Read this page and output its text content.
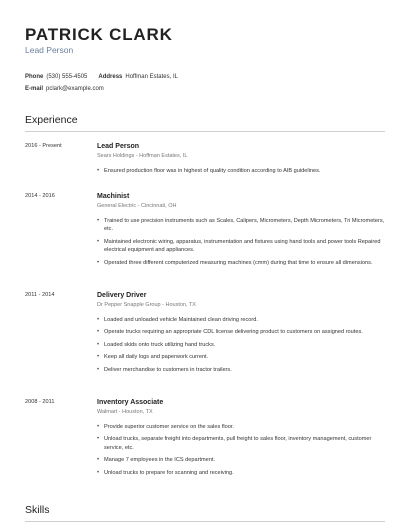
PATRICK CLARK
Lead Person
Phone (530) 555-4505 Address Hoffman Estates, IL
E-mail pclark@example.com
Experience
2016 - Present	Lead Person
Sears Holdings - Hoffman Estates, IL
• Ensured production floor was in highest of quality condition according to AIB guidelines.
2014 - 2016	Machinist
General Electric - Cincinnati, OH
• Trained to use precision instruments such as Scales, Calipers, Micrometers, Depth Micrometers, Tri Micrometers, etc.
• Maintained electronic wiring, apparatus, instrumentation and fixtures using hand tools and power tools Repaired electrical equipment and appliances.
• Operated three different computerized measuring machines (cmm) during that time to ensure all dimensions.
2011 - 2014	Delivery Driver
Dr Pepper Snapple Group - Houston, TX
• Loaded and unloaded vehicle Maintained clean driving record.
• Operate trucks requiring an appropriate CDL license delivering product to customers on assigned routes.
• Loaded skids onto truck utilizing hand trucks.
• Keep all daily logs and paperwork current.
• Deliver merchandise to customers in tractor trailers.
2008 - 2011	Inventory Associate
Walmart - Houston, TX
• Provide superior customer service on the sales floor.
• Unload trucks, separate freight into departments, pull freight to sales floor, inventory management, customer service, etc.
• Manage 7 employees in the ICS department.
• Unload trucks to prepare for scanning and receiving.
Skills
